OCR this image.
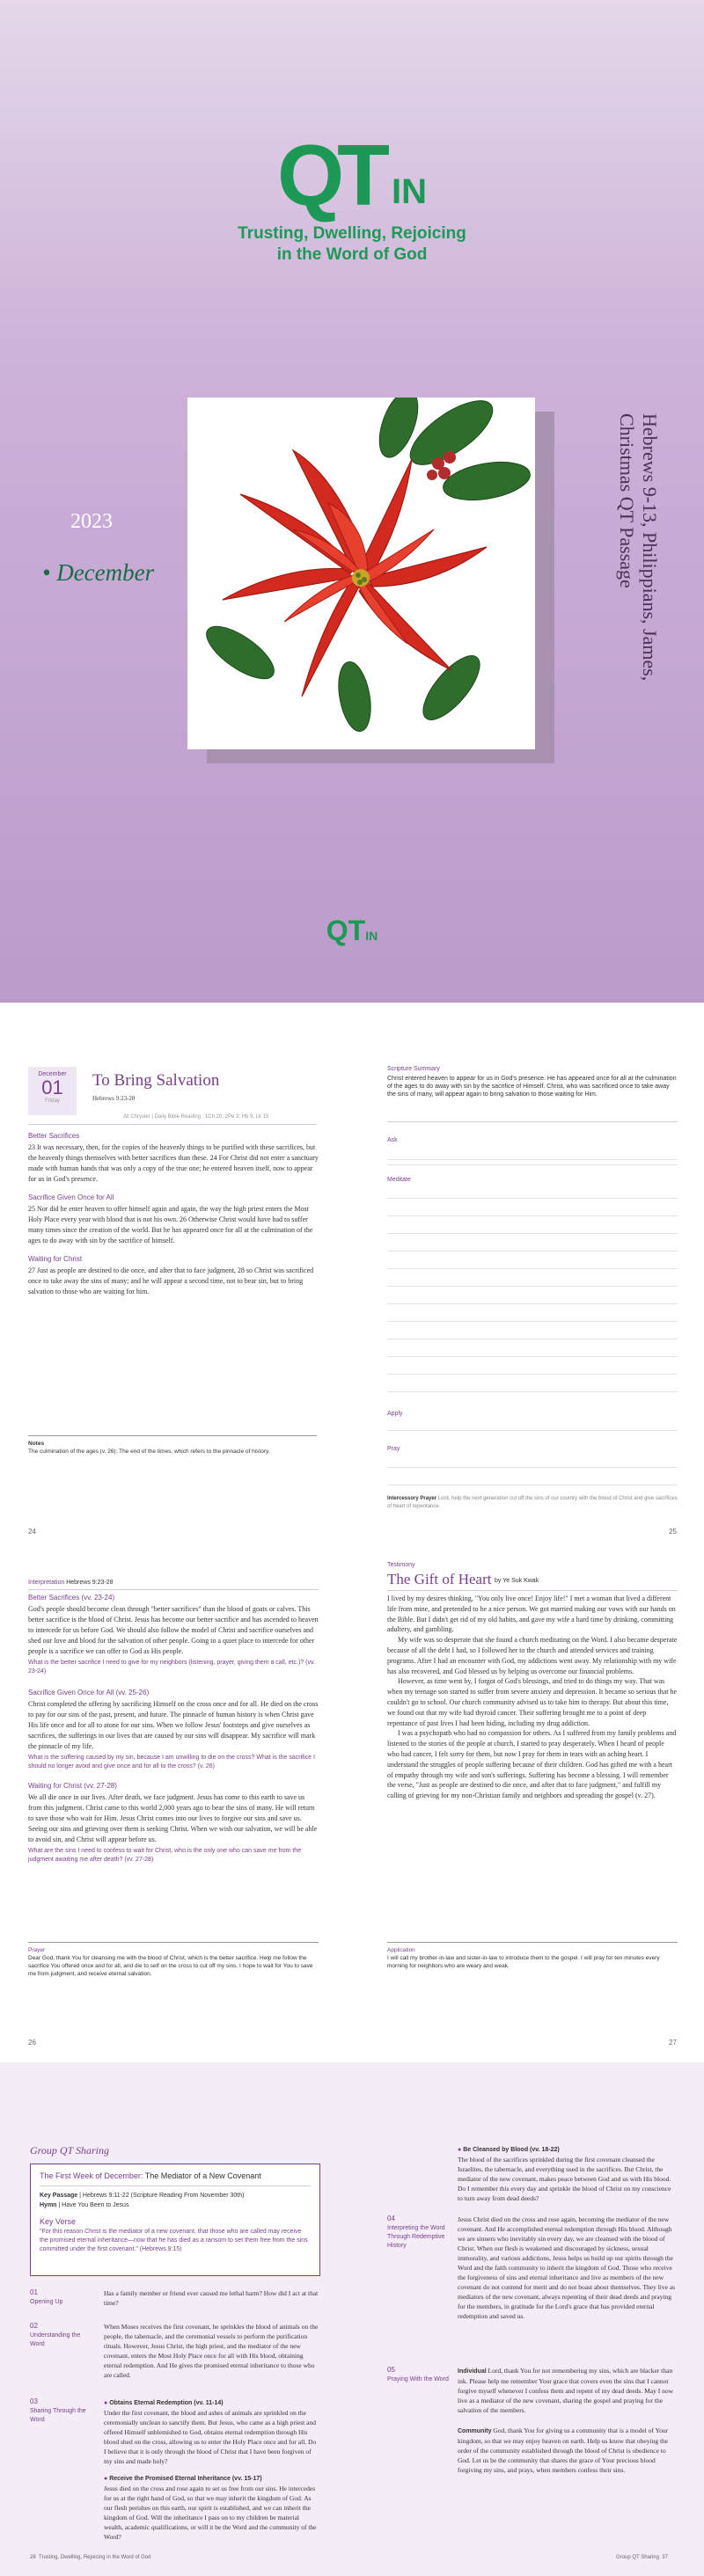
Q T IN
Trusting, Dwelling, Rejoicing
in the Word of God
2023
• December	Hebrews 9-13, Philippians, James,
Christmas QT Passage
QTIN
December
01
Friday
To Bring Salvation
Hebrews 9:23-28
All Chrysler | Daily Bible Reading : 1Ch 20; 2Pe 3; Hb 9; Lk 15
Better Sacrifices

23 It was necessary, then, for the copies of the heavenly things to be purified with these sacrifices, but the heavenly things themselves with better sacrifices than these. 24 For Christ did not enter a sanctuary made with human hands that was only a copy of the true one; he entered heaven itself, now to appear for us in God's presence.

Sacrifice Given Once for All

25 Nor did he enter heaven to offer himself again and again, the way the high priest enters the Most Holy Place every year with blood that is not his own. 26 Otherwise Christ would have had to suffer many times since the creation of the world. But he has appeared once for all at the culmination of the ages to do away with sin by the sacrifice of himself.

Waiting for Christ

27 Just as people are destined to die once, and after that to face judgment, 28 so Christ was sacrificed once to take away the sins of many; and he will appear a second time, not to bear sin, but to bring salvation to those who are waiting for him.

Notes
The culmination of the ages (v. 26): The end of the times, which refers to the pinnacle of history.
24
Scripture Summary
Christ entered heaven to appear for us in God's presence. He has appeared once for all at the culmination of the ages to do away with sin by the sacrifice of Himself. Christ, who was sacrificed once to take away the sins of many, will appear again to bring salvation to those waiting for Him.
Ask
Meditate
Apply
Pray
Intercessory Prayer Lord, help the next generation cut off the sins of our country with the blood of Christ and give sacrifices of heart of repentance.
25
Interpretation Hebrews 9:23-28
Better Sacrifices (vv. 23-24)

God's people should become clean through "better sacrifices" than the blood of goats or calves. This better sacrifice is the blood of Christ. Jesus has become our better sacrifice and has ascended to heaven to intercede for us before God. We should also follow the model of Christ and sacrifice ourselves and shed our love and blood for the salvation of other people. Going to a quiet place to intercede for other people is a sacrifice we can offer to God as His people.

What is the better sacrifice I need to give for my neighbors (listening, prayer, giving them a call, etc.)? (vv. 23-24)
Sacrifice Given Once for All (vv. 25-26)

Christ completed the offering by sacrificing Himself on the cross once and for all. He died on the cross to pay for our sins of the past, present, and future. The pinnacle of human history is when Christ gave His life once and for all to atone for our sins. When we follow Jesus' footsteps and give ourselves as sacrifices, the sufferings in our lives that are caused by our sins will disappear. My sacrifice will mark the pinnacle of my life.

What is the suffering caused by my sin, because I am unwilling to die on the cross? What is the sacrifice I should no longer avoid and give once and for all to the cross? (v. 26)
Waiting for Christ (vv. 27-28)

We all die once in our lives. After death, we face judgment. Jesus has come to this earth to save us from this judgment. Christ came to this world 2,000 years ago to bear the sins of many. He will return to save those who wait for Him. Jesus Christ comes into our lives to forgive our sins and save us. Seeing our sins and grieving over them is seeking Christ. When we wish our salvation, we will be able to avoid sin, and Christ will appear before us.

What are the sins I need to confess to wait for Christ, who is the only one who can save me from the judgment awaiting me after death? (vv. 27-28)
Prayer
Dear God, thank You for cleansing me with the blood of Christ, which is the better sacrifice. Help me follow the sacrifice You offered once and for all, and die to self on the cross to cut off my sins. I hope to wait for You to save me from judgment, and receive eternal salvation.
26
Testimony
The Gift of Heart by Ye Suk Kwak

I lived by my desires thinking, "You only live once! Enjoy life!" I met a woman that lived a different life from mine, and pretended to be a nice person. We got married making our vows with our hands on the Bible. But I didn't get rid of my old habits, and gave my wife a hard time by drinking, committing adultery, and gambling.

My wife was so desperate that she found a church meditating on the Word. I also became desperate because of all the debt I had, so I followed her to the church and attended services and training programs. After I had an encounter with God, my addictions went away. My relationship with my wife has also recovered, and God blessed us by helping us overcome our financial problems.

However, as time went by, I forgot of God's blessings, and tried to do things my way. That was when my teenage son started to suffer from severe anxiety and depression. It became so serious that he couldn't go to school. Our church community advised us to take him to therapy. But about this time, we found out that my wife had thyroid cancer. Their suffering brought me to a point of deep repentance of past lives I had been hiding, including my drug addiction.

I was a psychopath who had no compassion for others. As I suffered from my family problems and listened to the stories of the people at church, I started to pray desperately. When I heard of people who had cancer, I felt sorry for them, but now I pray for them in tears with an aching heart. I understand the struggles of people suffering because of their children. God has gifted me with a heart of empathy through my wife and son's sufferings. Suffering has become a blessing. I will remember the verse, "Just as people are destined to die once, and after that to face judgment," and fulfill my calling of grieving for my non-Christian family and neighbors and spreading the gospel (v. 27).

Application
I will call my brother-in-law and sister-in-law to introduce them to the gospel. I will pray for ten minutes every morning for neighbors who are weary and weak.
27
Group QT Sharing
The First Week of December: The Mediator of a New Covenant
Key Passage | Hebrews 9:11-22 (Scripture Reading From November 30th)
Hymn | Have You Been to Jesus
Key Verse
"For this reason Christ is the mediator of a new covenant, that those who are called may receive the promised eternal inheritance—now that he has died as a ransom to set them free from the sins committed under the first covenant." (Hebrews 9:15)
01
Opening Up
Has a family member or friend ever caused me lethal harm? How did I act at that time?
02
Understanding the Word
When Moses receives the first covenant, he sprinkles the blood of animals on the people, the tabernacle, and the ceremonial vessels to perform the purification rituals. However, Jesus Christ, the high priest, and the mediator of the new covenant, enters the Most Holy Place once for all with His blood, obtaining eternal redemption. And He gives the promised eternal inheritance to those who are called.
03
Sharing Through the Word
● Obtains Eternal Redemption (vv. 11-14)
Under the first covenant, the blood and ashes of animals are sprinkled on the ceremonially unclean to sanctify them. But Jesus, who came as a high priest and offered Himself unblemished to God, obtains eternal redemption through His blood shed on the cross, allowing us to enter the Holy Place once and for all. Do I believe that it is only through the blood of Christ that I have been forgiven of my sins and made holy?
● Receive the Promised Eternal Inheritance (vv. 15-17)
Jesus died on the cross and rose again to set us free from our sins. He intercedes for us at the right hand of God, so that we may inherit the kingdom of God. As our flesh perishes on this earth, our spirit is established, and we can inherit the kingdom of God. Will the inheritance I pass on to my children be material wealth, academic qualifications, or will it be the Word and the community of the Word?
● Be Cleansed by Blood (vv. 18-22)
The blood of the sacrifices sprinkled during the first covenant cleansed the Israelites, the tabernacle, and everything used in the sacrifices. But Christ, the mediator of the new covenant, makes peace between God and us with His blood. Do I remember this every day and sprinkle the blood of Christ on my conscience to turn away from dead deeds?
04
Interpreting the Word Through Redemptive History
Jesus Christ died on the cross and rose again, becoming the mediator of the new covenant. And He accomplished eternal redemption through His blood. Although we are sinners who inevitably sin every day, we are cleansed with the blood of Christ. When our flesh is weakened and discouraged by sickness, sexual immorality, and various addictions, Jesus helps us build up our spirits through the Word and the faith community to inherit the kingdom of God. Those who receive the forgiveness of sins and eternal inheritance and live as members of the new covenant do not contend for merit and do not boast about themselves. They live as mediators of the new covenant, always repenting of their dead deeds and praying for the members, in gratitude for the Lord's grace that has provided eternal redemption and saved us.
05
Praying With the Word
Individual Lord, thank You for not remembering my sins, which are blacker than ink. Please help me remember Your grace that covers even the sins that I cannot forgive myself whenever I confess them and repent of my dead deeds. May I now live as a mediator of the new covenant, sharing the gospel and praying for the salvation of the members.
Community God, thank You for giving us a community that is a model of Your kingdom, so that we may enjoy heaven on earth. Help us know that obeying the order of the community established through the blood of Christ is obedience to God. Let us be the community that shares the grace of Your precious blood forgiving my sins, and prays, when members confess their sins.
28 Trusting, Dwelling, Rejoicing in the Word of God	Group QT Sharing 37
